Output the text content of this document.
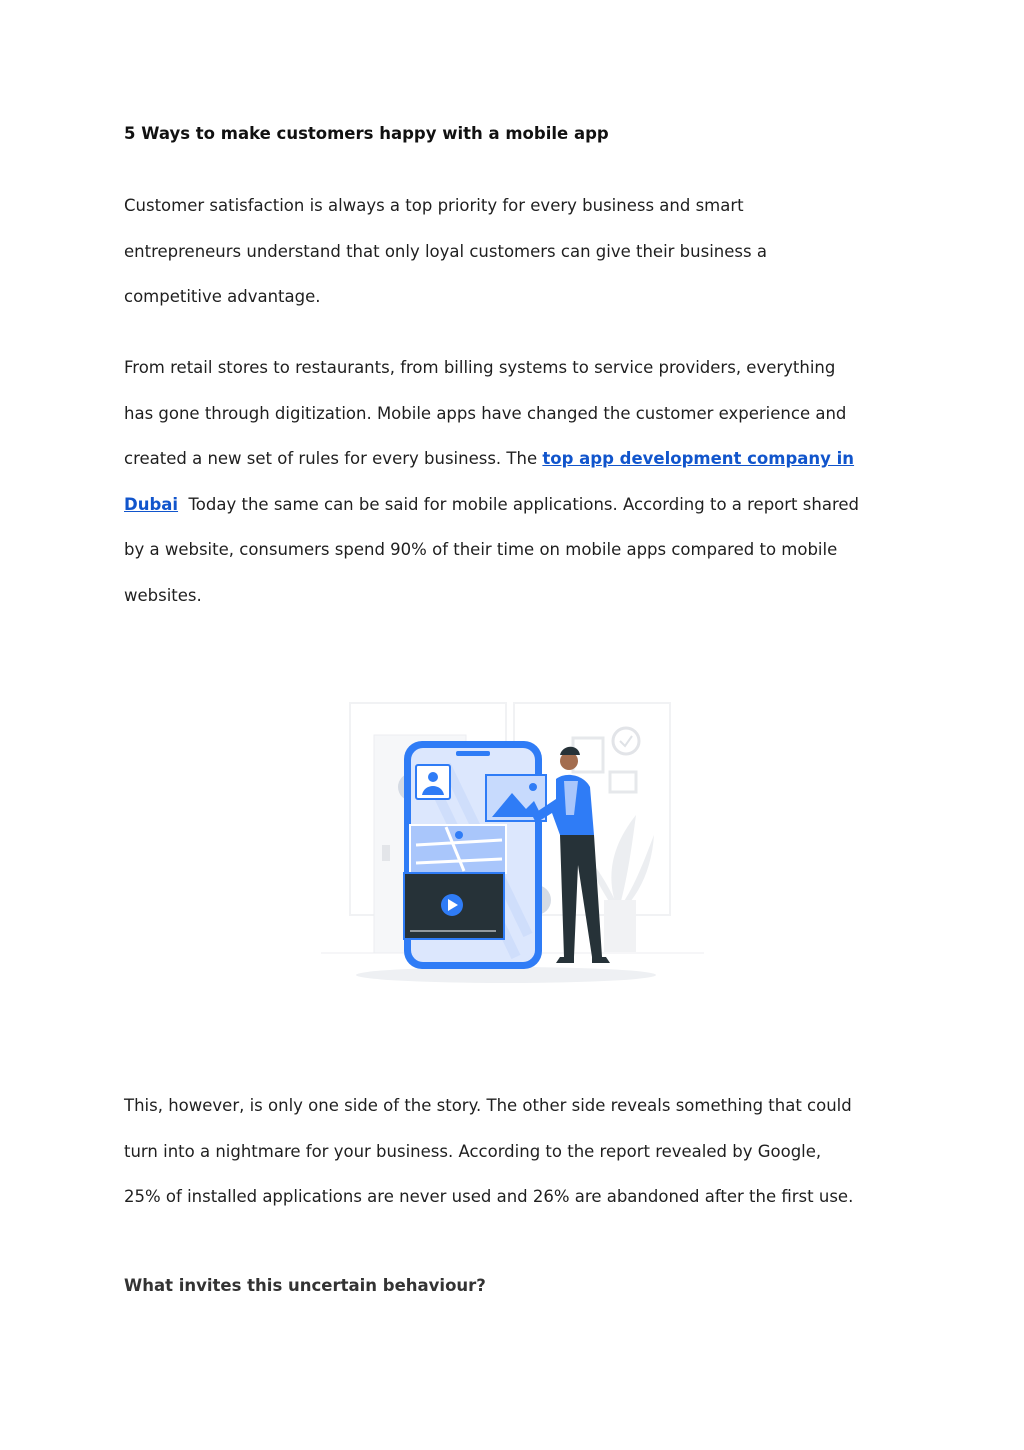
5 Ways to make customers happy with a mobile app

Customer satisfaction is always a top priority for every business and smart
entrepreneurs understand that only loyal customers can give their business a
competitive advantage.

From retail stores to restaurants, from billing systems to service providers, everything
has gone through digitization. Mobile apps have changed the customer experience and
created a new set of rules for every business. The top app development company in
Dubai  Today the same can be said for mobile applications. According to a report shared
by a website, consumers spend 90% of their time on mobile apps compared to mobile
websites.

This, however, is only one side of the story. The other side reveals something that could
turn into a nightmare for your business. According to the report revealed by Google,
25% of installed applications are never used and 26% are abandoned after the first use.

What invites this uncertain behaviour?
